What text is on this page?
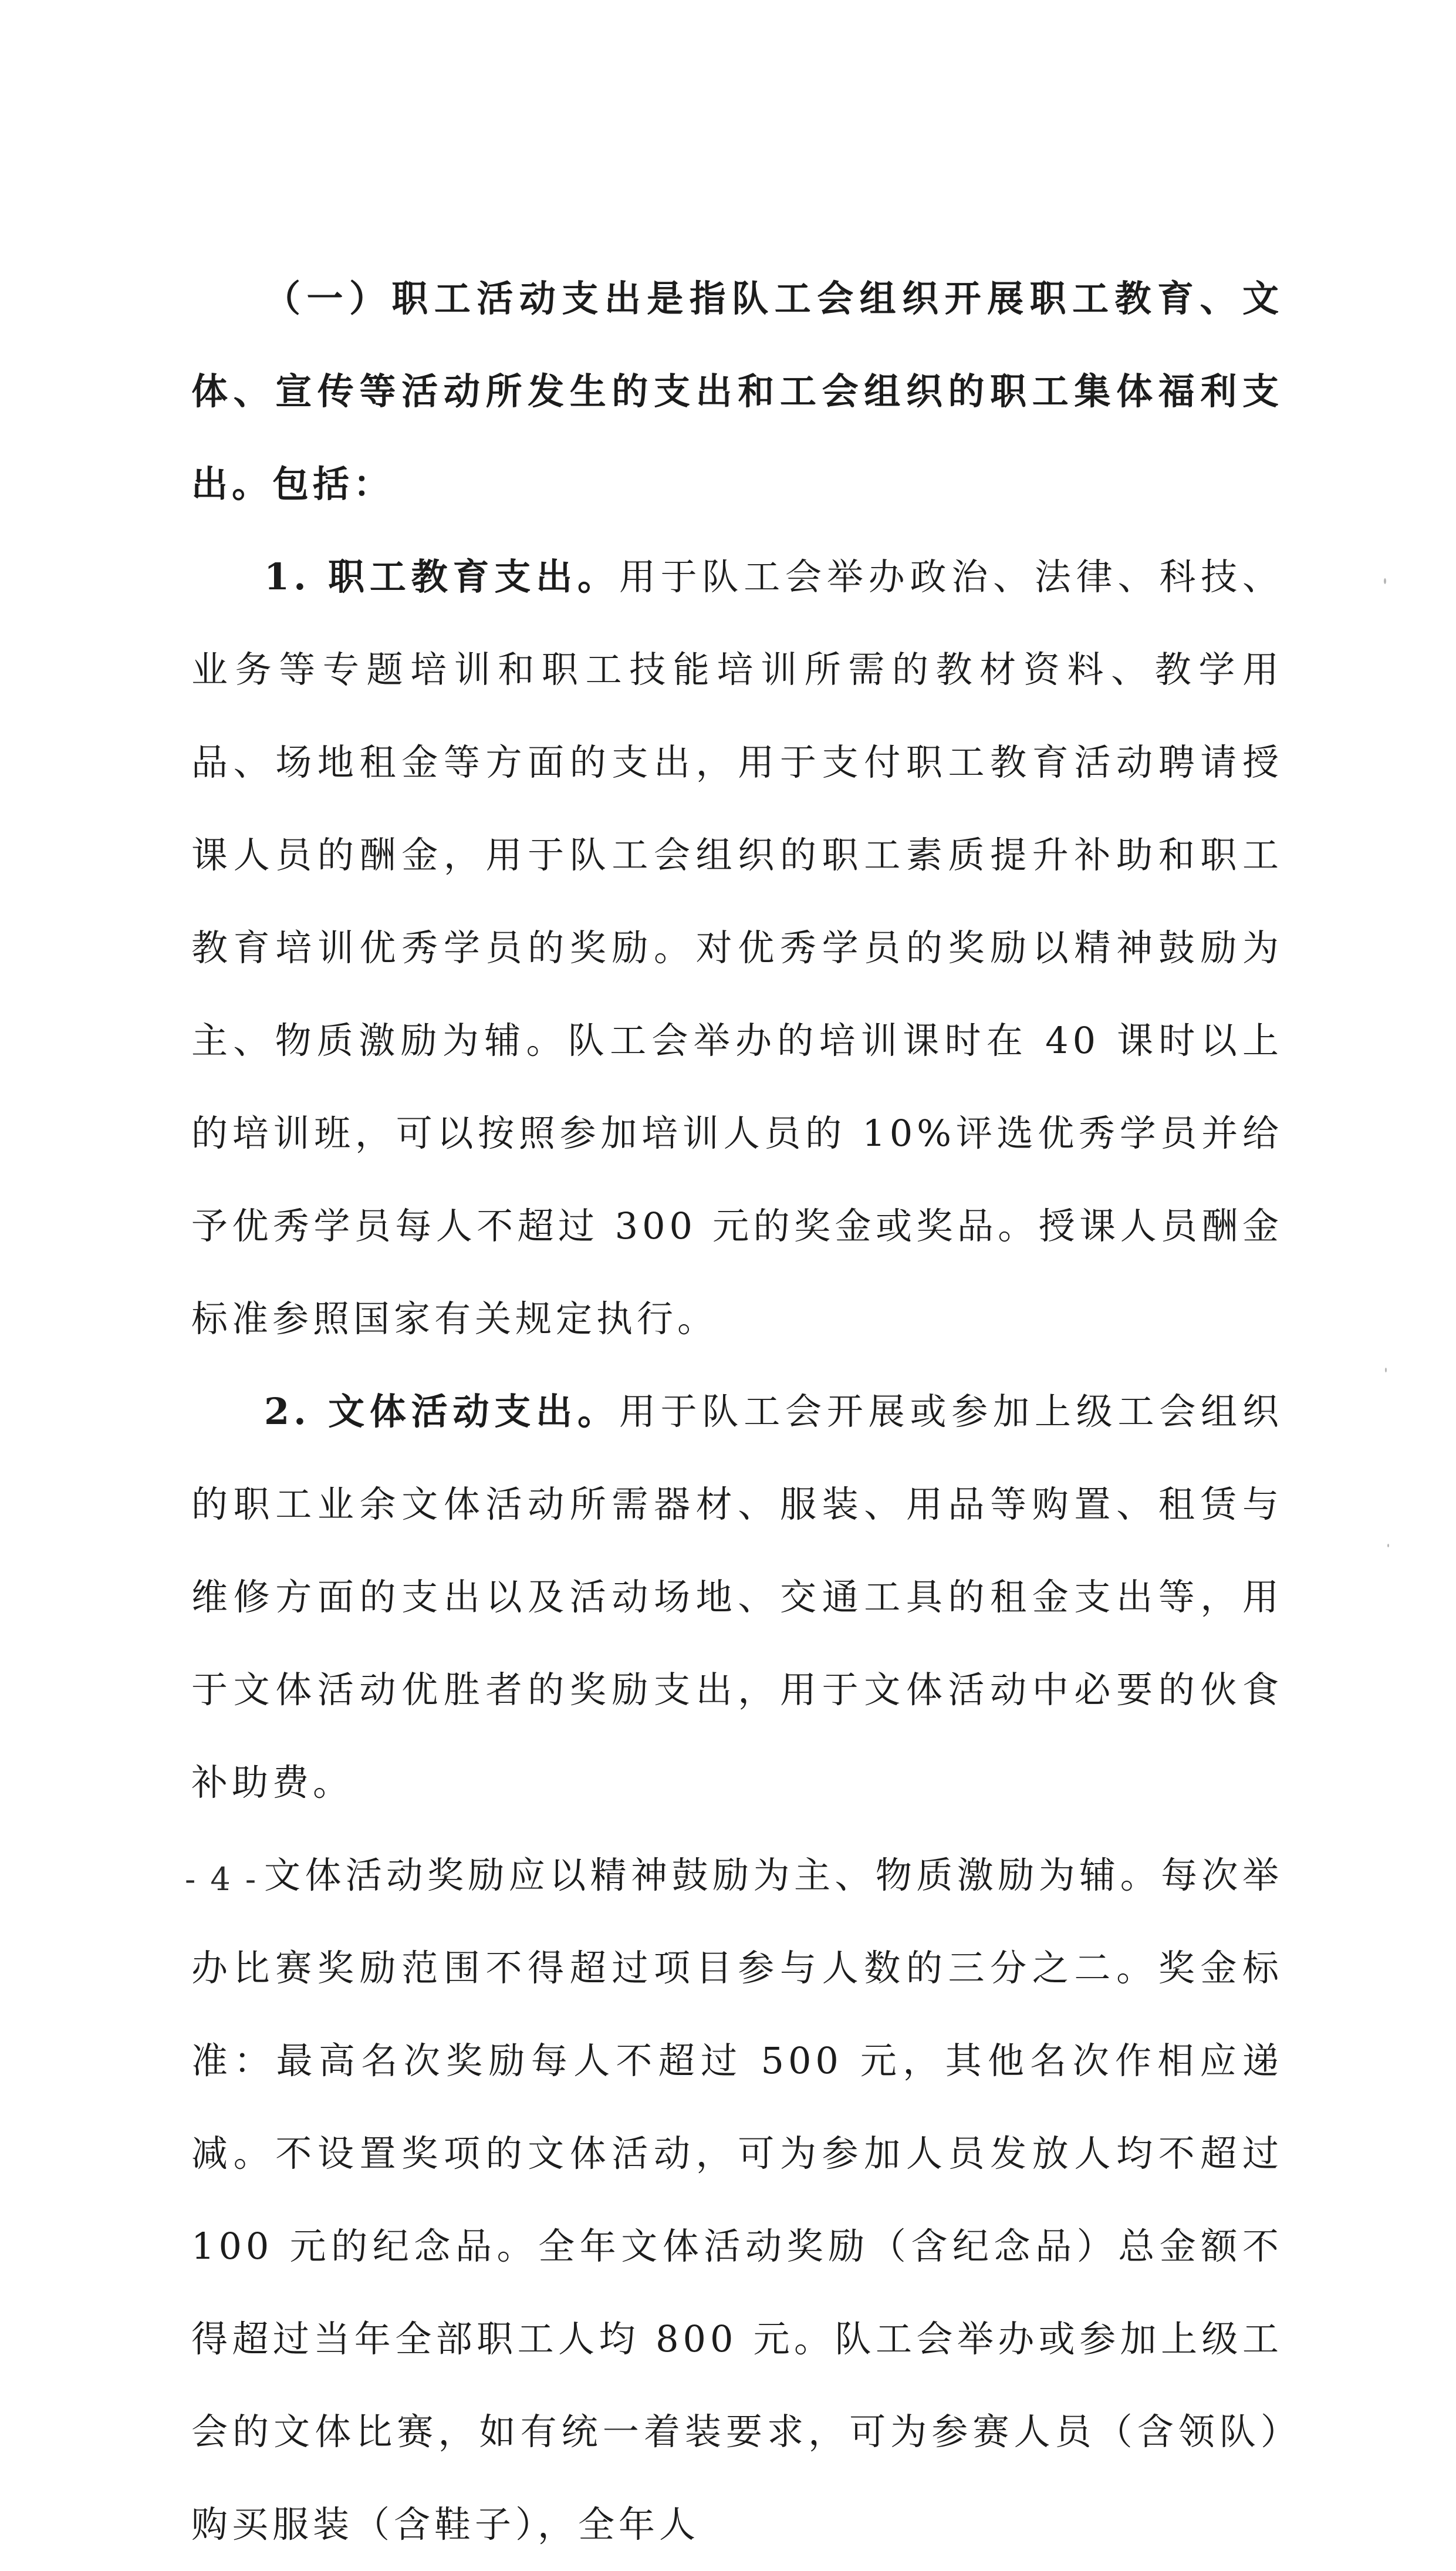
（一）职工活动支出是指队工会组织开展职工教育、文体、宣传等活动所发生的支出和工会组织的职工集体福利支出。包括：

1. 职工教育支出。用于队工会举办政治、法律、科技、业务等专题培训和职工技能培训所需的教材资料、教学用品、场地租金等方面的支出，用于支付职工教育活动聘请授课人员的酬金，用于队工会组织的职工素质提升补助和职工教育培训优秀学员的奖励。对优秀学员的奖励以精神鼓励为主、物质激励为辅。队工会举办的培训课时在 40 课时以上的培训班，可以按照参加培训人员的 10%评选优秀学员并给予优秀学员每人不超过 300 元的奖金或奖品。授课人员酬金标准参照国家有关规定执行。

2. 文体活动支出。用于队工会开展或参加上级工会组织的职工业余文体活动所需器材、服装、用品等购置、租赁与维修方面的支出以及活动场地、交通工具的租金支出等，用于文体活动优胜者的奖励支出，用于文体活动中必要的伙食补助费。

文体活动奖励应以精神鼓励为主、物质激励为辅。每次举办比赛奖励范围不得超过项目参与人数的三分之二。奖金标准：最高名次奖励每人不超过 500 元，其他名次作相应递减。不设置奖项的文体活动，可为参加人员发放人均不超过 100 元的纪念品。全年文体活动奖励（含纪念品）总金额不得超过当年全部职工人均 800 元。队工会举办或参加上级工会的文体比赛，如有统一着装要求，可为参赛人员（含领队）购买服装（含鞋子），全年人

- 4 -
